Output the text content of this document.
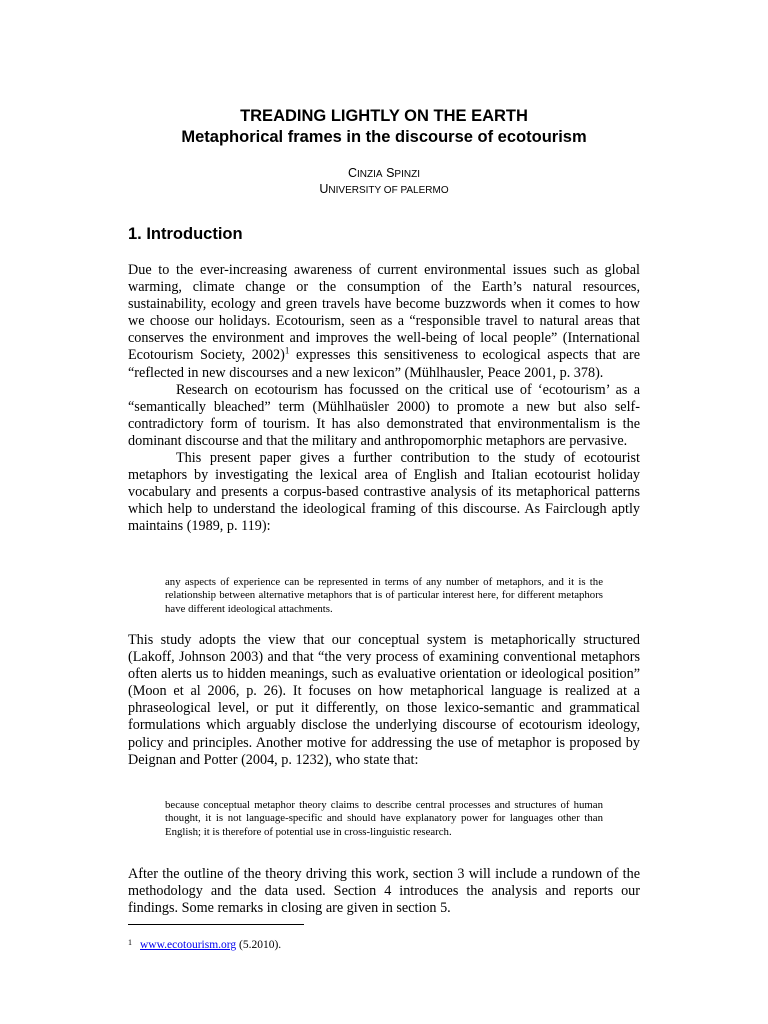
TREADING LIGHTLY ON THE EARTH
Metaphorical frames in the discourse of ecotourism
CINZIA SPINZI
UNIVERSITY OF PALERMO
1. Introduction

Due to the ever-increasing awareness of current environmental issues such as global warming, climate change or the consumption of the Earth’s natural resources, sustainability, ecology and green travels have become buzzwords when it comes to how we choose our holidays. Ecotourism, seen as a “responsible travel to natural areas that conserves the environment and improves the well-being of local people” (International Ecotourism Society, 2002)$^1$ expresses this sensitiveness to ecological aspects that are “reflected in new discourses and a new lexicon” (Mühlhausler, Peace 2001, p. 378).

Research on ecotourism has focussed on the critical use of ‘ecotourism’ as a “semantically bleached” term (Mühlhaüsler 2000) to promote a new but also self-contradictory form of tourism. It has also demonstrated that environmentalism is the dominant discourse and that the military and anthropomorphic metaphors are pervasive.

This present paper gives a further contribution to the study of ecotourist metaphors by investigating the lexical area of English and Italian ecotourist holiday vocabulary and presents a corpus-based contrastive analysis of its metaphorical patterns which help to understand the ideological framing of this discourse. As Fairclough aptly maintains (1989, p. 119):

any aspects of experience can be represented in terms of any number of metaphors, and it is the relationship between alternative metaphors that is of particular interest here, for different metaphors have different ideological attachments.
This study adopts the view that our conceptual system is metaphorically structured (Lakoff, Johnson 2003) and that “the very process of examining conventional metaphors often alerts us to hidden meanings, such as evaluative orientation or ideological position” (Moon et al 2006, p. 26). It focuses on how metaphorical language is realized at a phraseological level, or put it differently, on those lexico-semantic and grammatical formulations which arguably disclose the underlying discourse of ecotourism ideology, policy and principles. Another motive for addressing the use of metaphor is proposed by Deignan and Potter (2004, p. 1232), who state that:
because conceptual metaphor theory claims to describe central processes and structures of human thought, it is not language-specific and should have explanatory power for languages other than English; it is therefore of potential use in cross-linguistic research.
After the outline of the theory driving this work, section 3 will include a rundown of the methodology and the data used. Section 4 introduces the analysis and reports our findings. Some remarks in closing are given in section 5.
$^1$ www.ecotourism.org (5.2010).
